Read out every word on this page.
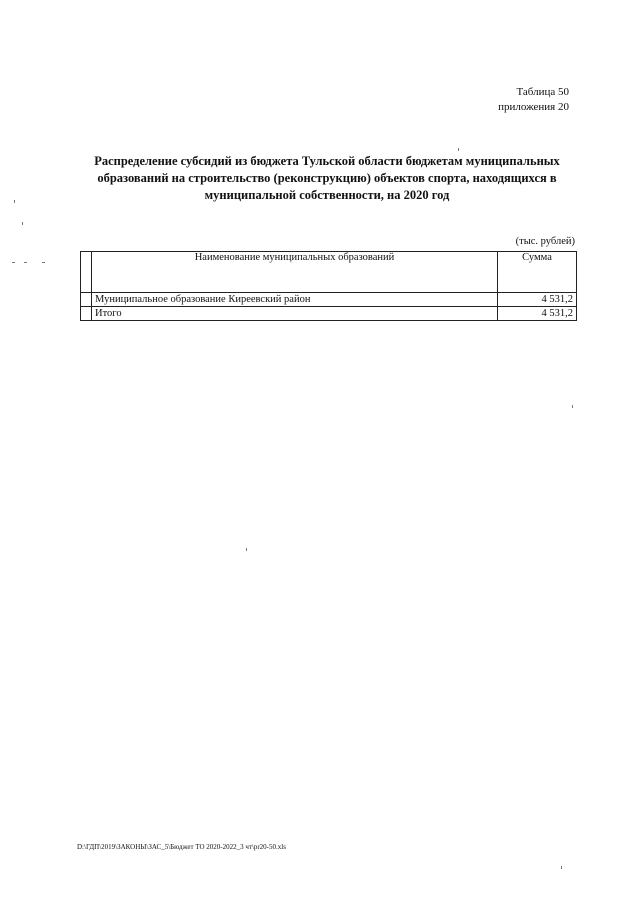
Таблица 50
приложения 20
Распределение субсидий из бюджета Тульской области бюджетам муниципальных
образований на строительство (реконструкцию) объектов спорта, находящихся в
муниципальной собственности, на 2020 год
(тыс. рублей)
	Наименование муниципальных образований	Сумма
	Муниципальное образование Киреевский район	4 531,2
	Итого	4 531,2
D:\ГДП\2019\ЗАКОНЫ\ЗАС_5\Бюджет ТО 2020-2022_3 чт\pr20-50.xls
